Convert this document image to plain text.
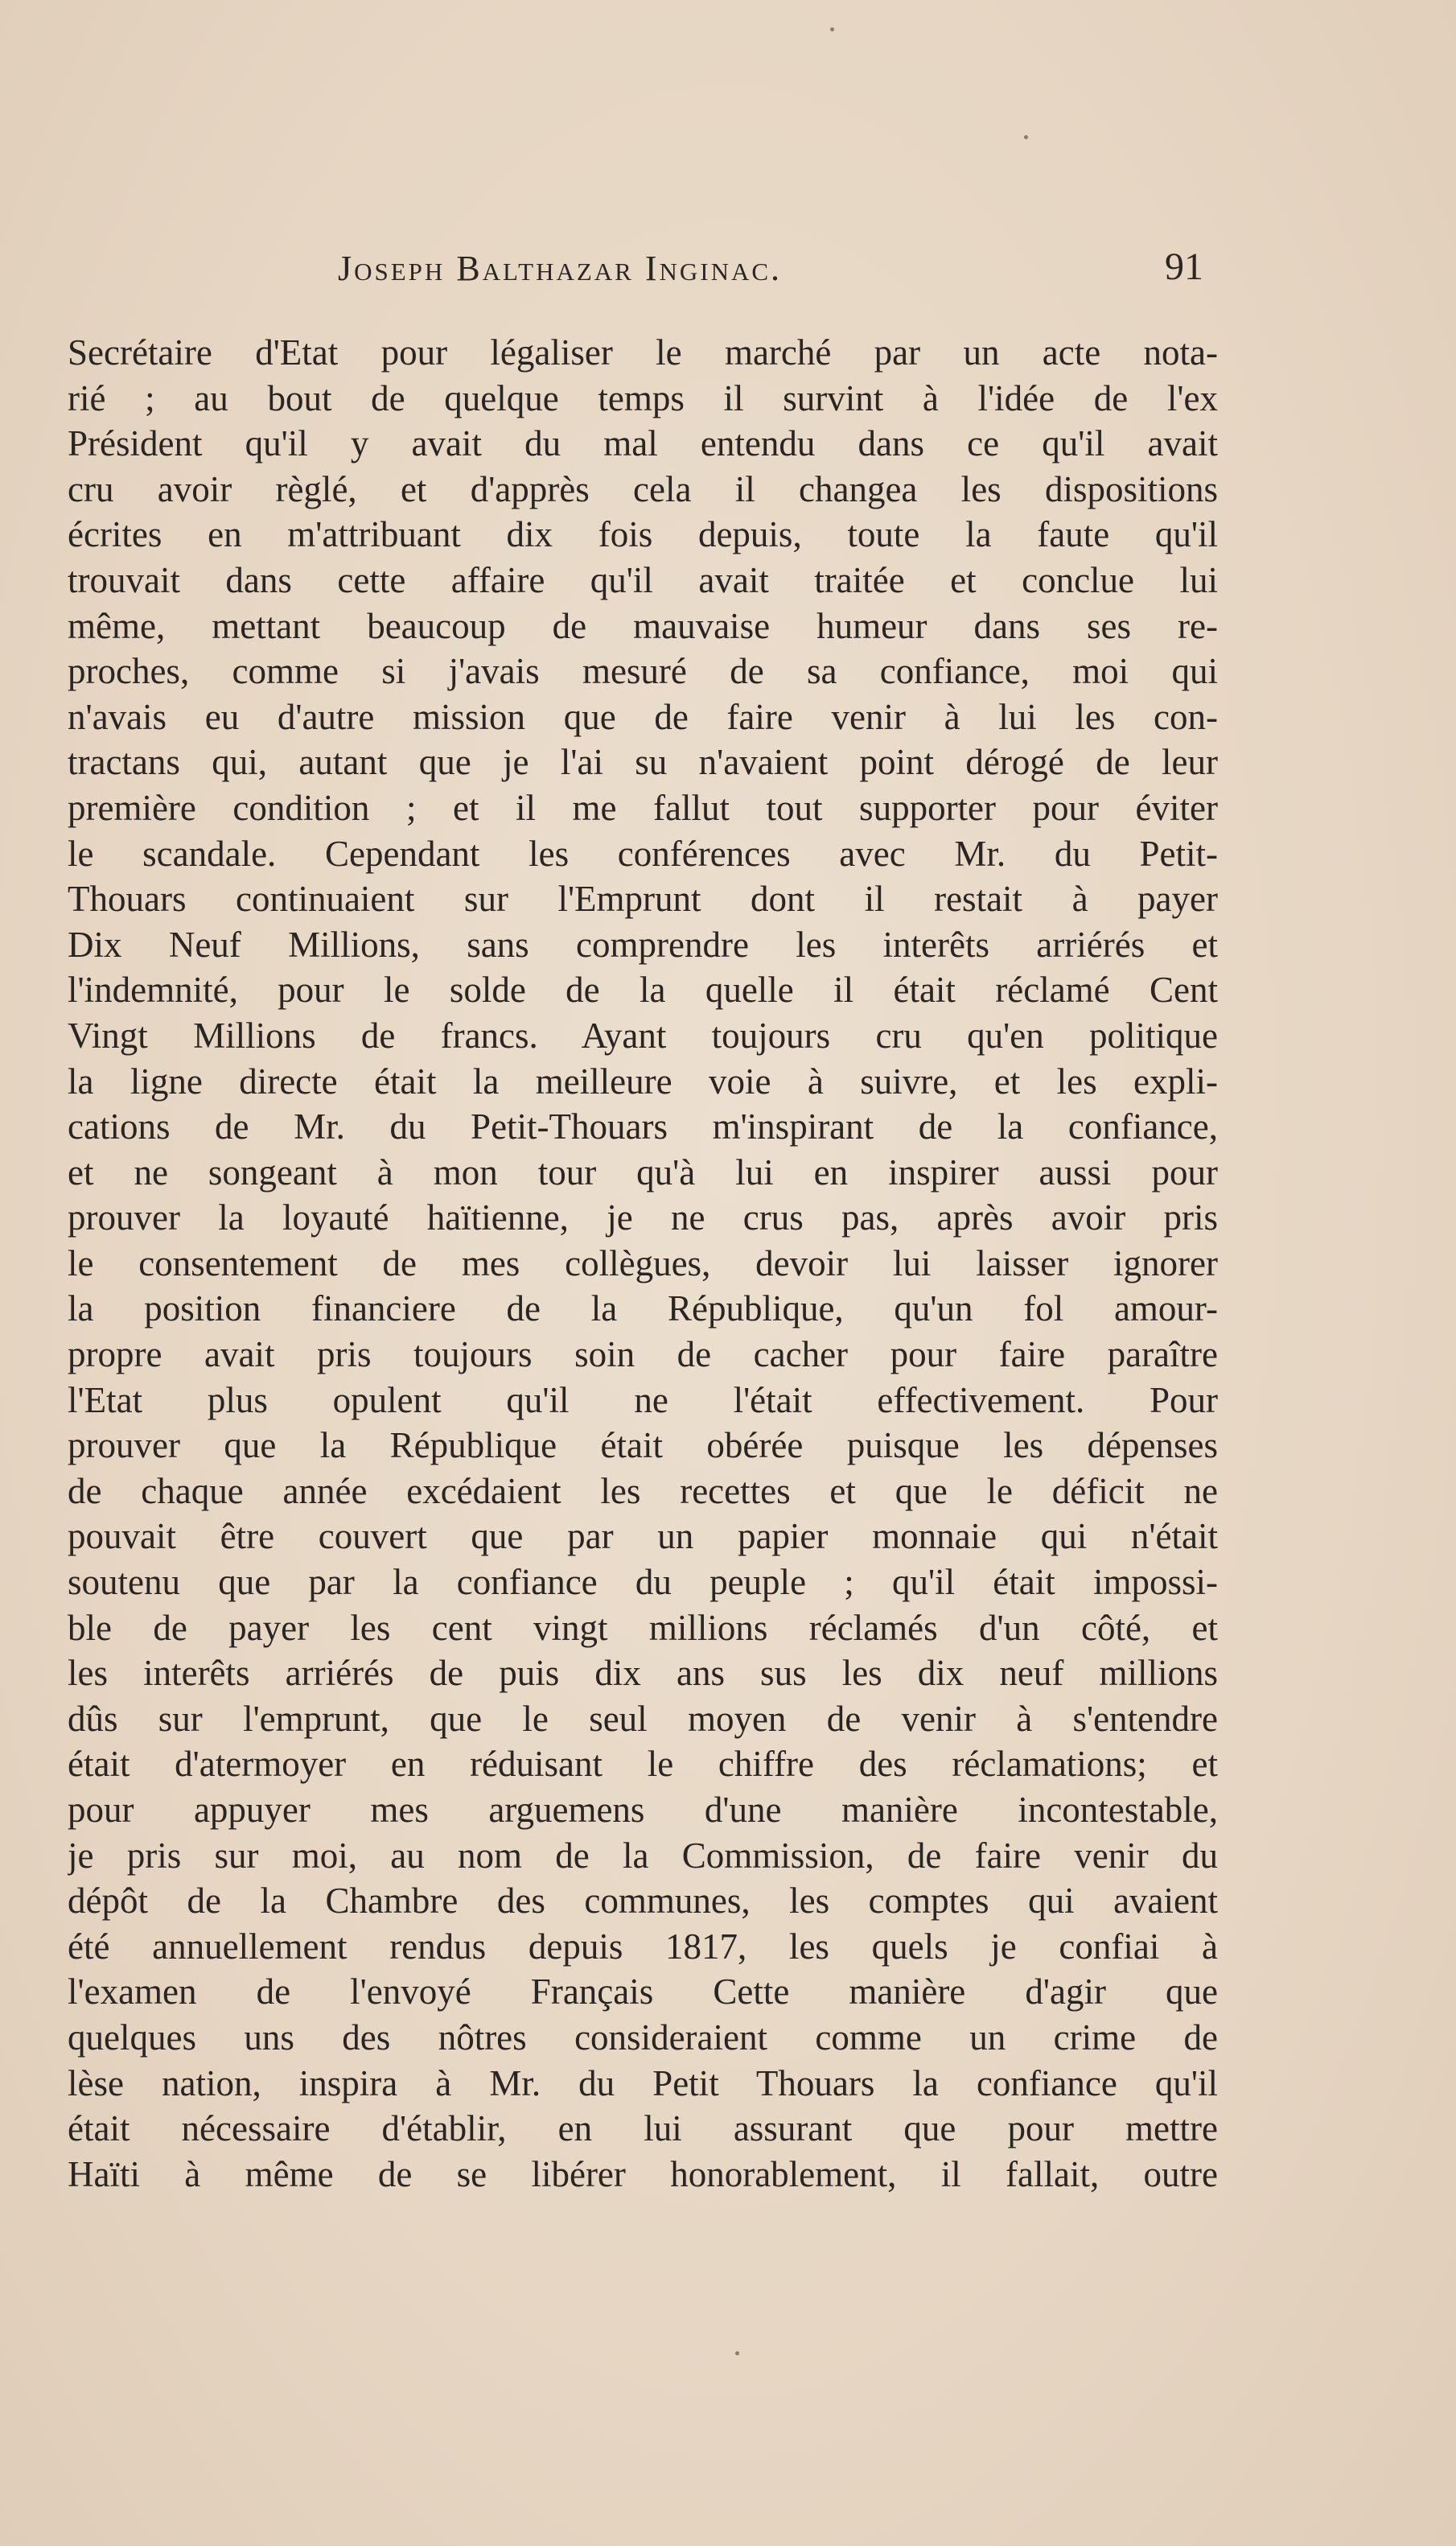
Joseph Balthazar Inginac.	91
Secrétaire d'Etat pour légaliser le marché par un acte nota-
rié ; au bout de quelque temps il survint à l'idée de l'ex
Président qu'il y avait du mal entendu dans ce qu'il avait
cru avoir règlé, et d'apprès cela il changea les dispositions
écrites en m'attribuant dix fois depuis, toute la faute qu'il
trouvait dans cette affaire qu'il avait traitée et conclue lui
même, mettant beaucoup de mauvaise humeur dans ses re-
proches, comme si j'avais mesuré de sa confiance, moi qui
n'avais eu d'autre mission que de faire venir à lui les con-
tractans qui, autant que je l'ai su n'avaient point dérogé de leur
première condition ; et il me fallut tout supporter pour éviter
le scandale. Cependant les conférences avec Mr. du Petit-
Thouars continuaient sur l'Emprunt dont il restait à payer
Dix Neuf Millions, sans comprendre les interêts arriérés et
l'indemnité, pour le solde de la quelle il était réclamé Cent
Vingt Millions de francs. Ayant toujours cru qu'en politique
la ligne directe était la meilleure voie à suivre, et les expli-
cations de Mr. du Petit-Thouars m'inspirant de la confiance,
et ne songeant à mon tour qu'à lui en inspirer aussi pour
prouver la loyauté haïtienne, je ne crus pas, après avoir pris
le consentement de mes collègues, devoir lui laisser ignorer
la position financiere de la République, qu'un fol amour-
propre avait pris toujours soin de cacher pour faire paraître
l'Etat plus opulent qu'il ne l'était effectivement. Pour
prouver que la République était obérée puisque les dépenses
de chaque année excédaient les recettes et que le déficit ne
pouvait être couvert que par un papier monnaie qui n'était
soutenu que par la confiance du peuple ; qu'il était impossi-
ble de payer les cent vingt millions réclamés d'un côté, et
les interêts arriérés de puis dix ans sus les dix neuf millions
dûs sur l'emprunt, que le seul moyen de venir à s'entendre
était d'atermoyer en réduisant le chiffre des réclamations; et
pour appuyer mes arguemens d'une manière incontestable,
je pris sur moi, au nom de la Commission, de faire venir du
dépôt de la Chambre des communes, les comptes qui avaient
été annuellement rendus depuis 1817, les quels je confiai à
l'examen de l'envoyé Français Cette manière d'agir que
quelques uns des nôtres consideraient comme un crime de
lèse nation, inspira à Mr. du Petit Thouars la confiance qu'il
était nécessaire d'établir, en lui assurant que pour mettre
Haïti à même de se libérer honorablement, il fallait, outre
